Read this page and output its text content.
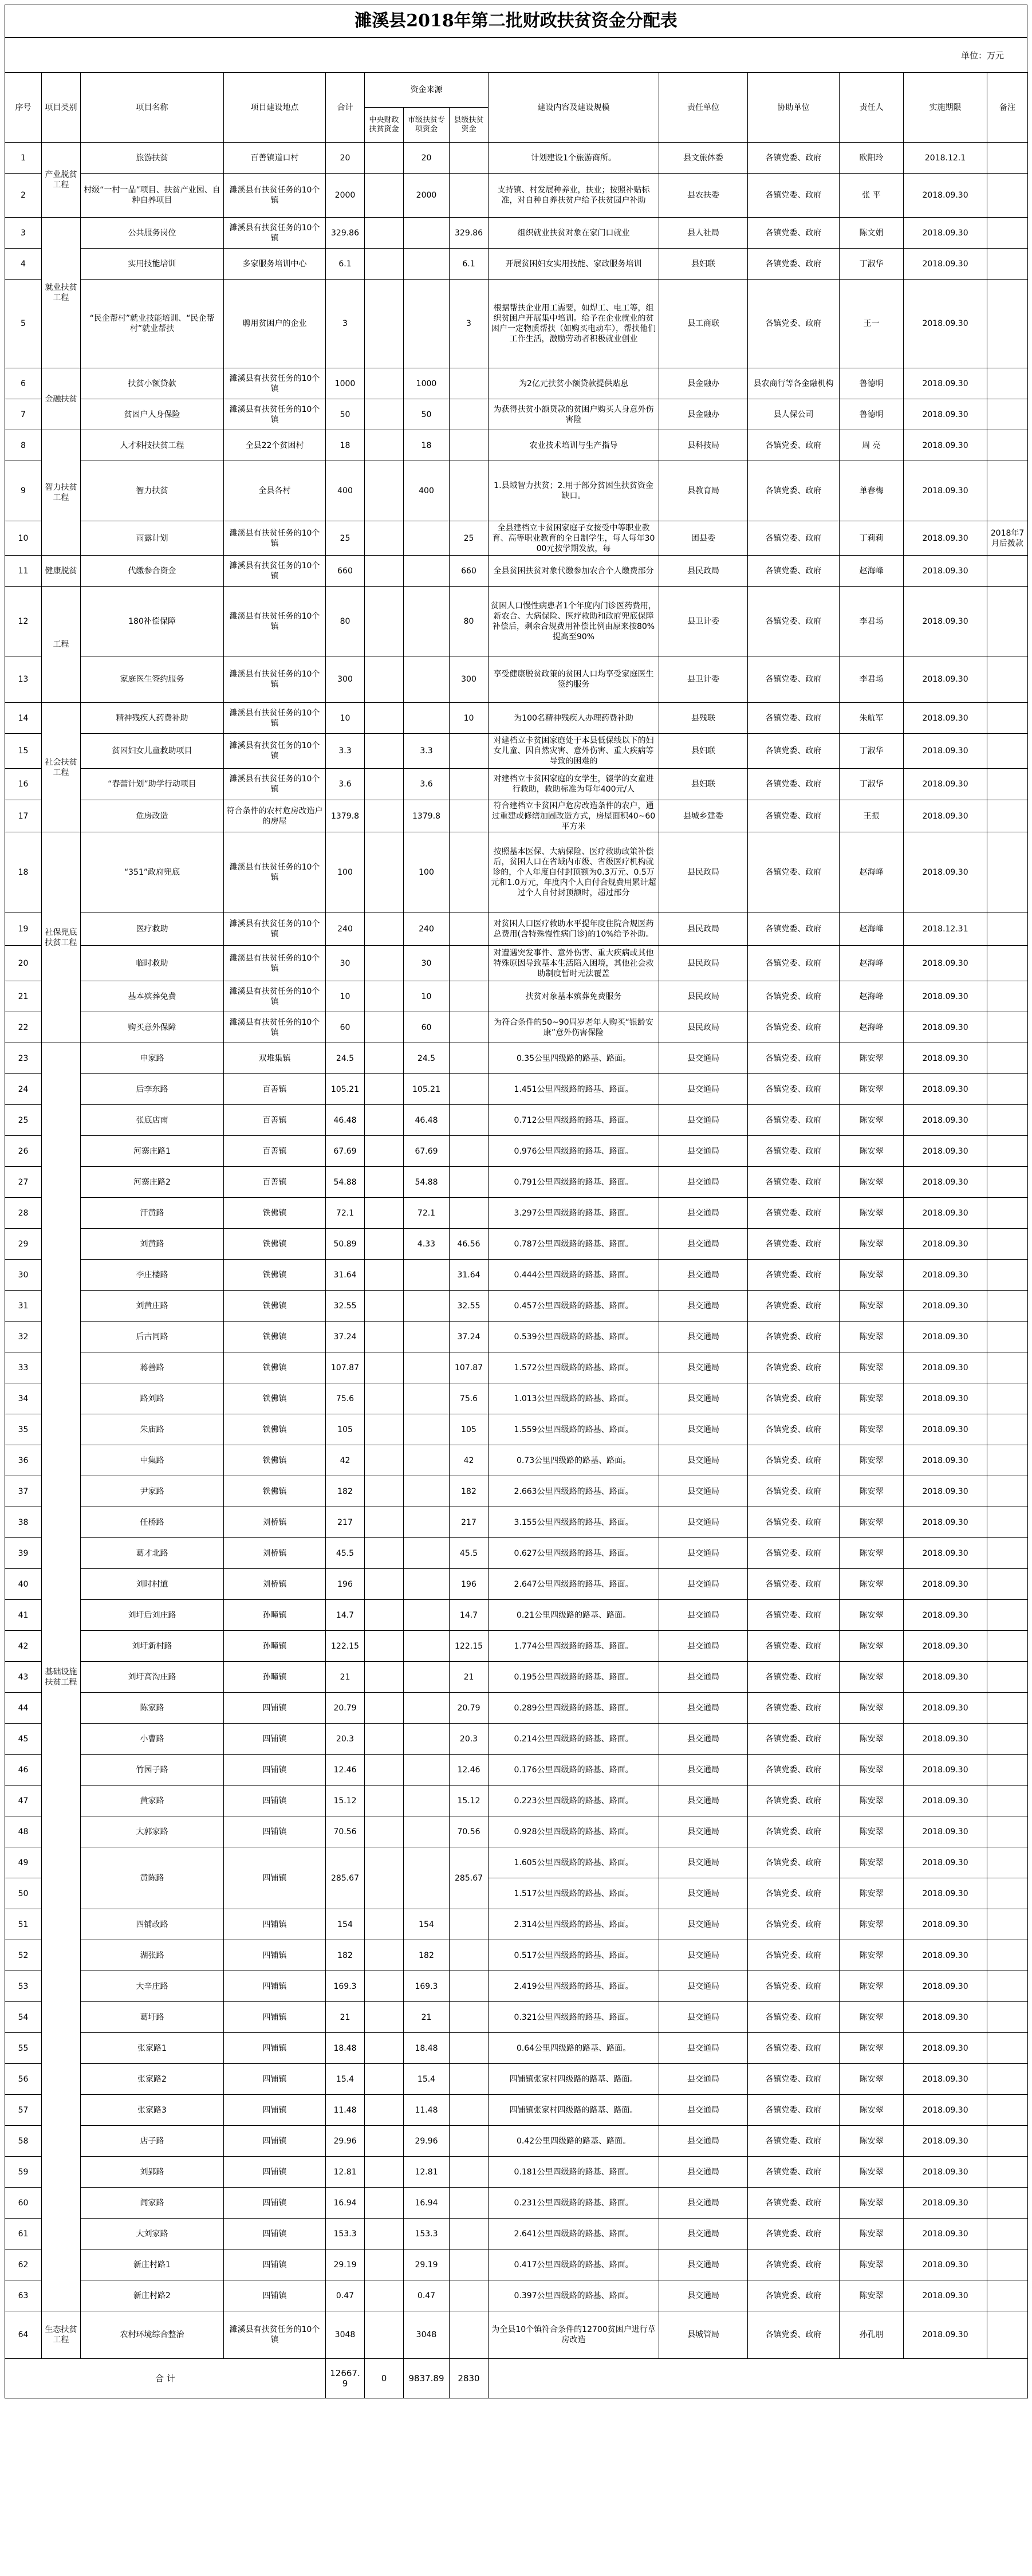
濉溪县2018年第二批财政扶贫资金分配表
单位：万元
序号	项目类别	项目名称	项目建设地点	合计	资金来源			建设内容及建设规模	责任单位	协助单位	责任人	实施期限	备注
					中央财政扶贫资金	市级扶贫专项资金	县级扶贫资金						
1	产业脱贫工程	旅游扶贫	百善镇道口村	20		20		计划建设1个旅游商所。	县文旅体委	各镇党委、政府	欧阳玲	2018.12.1	
2		村级“一村一品”项目、扶贫产业园、自种自养项目	濉溪县有扶贫任务的10个镇	2000		2000		支持镇、村发展种养业，扶业；按照补贴标准，对自种自养扶贫户给予扶贫园户补助	县农扶委	各镇党委、政府	张 平	2018.09.30	
3	就业扶贫工程	公共服务岗位	濉溪县有扶贫任务的10个镇	329.86			329.86	组织就业扶贫对象在家门口就业	县人社局	各镇党委、政府	陈文娟	2018.09.30	
4		实用技能培训	多家服务培训中心	6.1			6.1	开展贫困妇女实用技能、家政服务培训	县妇联	各镇党委、政府	丁淑华	2018.09.30	
5		“民企帮村”就业技能培训、“民企帮村”就业帮扶	聘用贫困户的企业	3			3	根据帮扶企业用工需要，如焊工、电工等，组织贫困户开展集中培训。给予在企业就业的贫困户一定物质帮扶（如购买电动车），帮扶他们工作生活，激励劳动者积极就业创业	县工商联	各镇党委、政府	王一	2018.09.30	
6	金融扶贫	扶贫小额贷款	濉溪县有扶贫任务的10个镇	1000		1000		为2亿元扶贫小额贷款提供贴息	县金融办	县农商行等各金融机构	鲁德明	2018.09.30	
7		贫困户人身保险	濉溪县有扶贫任务的10个镇	50		50		为获得扶贫小额贷款的贫困户购买人身意外伤害险	县金融办	县人保公司	鲁德明	2018.09.30	
8	智力扶贫工程	人才科技扶贫工程	全县22个贫困村	18		18		农业技术培训与生产指导	县科技局	各镇党委、政府	周 亮	2018.09.30	
9		智力扶贫	全县各村	400		400		1.县域智力扶贫；2.用于部分贫困生扶贫资金缺口。	县教育局	各镇党委、政府	单春梅	2018.09.30	
10		雨露计划	濉溪县有扶贫任务的10个镇	25			25	全县建档立卡贫困家庭子女接受中等职业教育、高等职业教育的全日制学生，每人每年3000元按学期发放，每	团县委	各镇党委、政府	丁莉莉	2018.09.30	2018年7月后拨款
11	健康脱贫	代缴参合资金	濉溪县有扶贫任务的10个镇	660			660	全县贫困扶贫对象代缴参加农合个人缴费部分	县民政局	各镇党委、政府	赵海峰	2018.09.30	
12	工程	180补偿保障	濉溪县有扶贫任务的10个镇	80			80	贫困人口慢性病患者1个年度内门诊医药费用，新农合、大病保险、医疗救助和政府兜底保障补偿后，剩余合规费用补偿比例由原来按80%提高至90%	县卫计委	各镇党委、政府	李君场	2018.09.30	
13		家庭医生签约服务	濉溪县有扶贫任务的10个镇	300			300	享受健康脱贫政策的贫困人口均享受家庭医生签约服务	县卫计委	各镇党委、政府	李君场	2018.09.30	
14	社会扶贫工程	精神残疾人药费补助	濉溪县有扶贫任务的10个镇	10			10	为100名精神残疾人办理药费补助	县残联	各镇党委、政府	朱航军	2018.09.30	
15		贫困妇女儿童救助项目	濉溪县有扶贫任务的10个镇	3.3		3.3		对建档立卡贫困家庭处于本县低保线以下的妇女儿童、因自然灾害、意外伤害、重大疾病等导致的困难的	县妇联	各镇党委、政府	丁淑华	2018.09.30	
16		“春蕾计划”助学行动项目	濉溪县有扶贫任务的10个镇	3.6		3.6		对建档立卡贫困家庭的女学生，辍学的女童进行救助，救助标准为每年400元/人	县妇联	各镇党委、政府	丁淑华	2018.09.30	
17		危房改造	符合条件的农村危房改造户的房屋	1379.8		1379.8		符合建档立卡贫困户危房改造条件的农户，通过重建或修缮加固改造方式，房屋面积40~60平方米	县城乡建委	各镇党委、政府	王振	2018.09.30	
18	社保兜底扶贫工程	“351”政府兜底	濉溪县有扶贫任务的10个镇	100		100		按照基本医保、大病保险、医疗救助政策补偿后，贫困人口在省域内市级、省级医疗机构就诊的，个人年度自付封顶额为0.3万元、0.5万元和1.0万元，年度内个人自付合规费用累计超过个人自付封顶额时，超过部分	县民政局	各镇党委、政府	赵海峰	2018.09.30	
19		医疗救助	濉溪县有扶贫任务的10个镇	240		240		对贫困人口医疗救助水平提年度住院合规医药总费用(含特殊慢性病门诊)的10%给予补助。	县民政局	各镇党委、政府	赵海峰	2018.12.31	
20		临时救助	濉溪县有扶贫任务的10个镇	30		30		对遭遇突发事件、意外伤害、重大疾病或其他特殊原因导致基本生活陷入困境，其他社会救助制度暂时无法覆盖	县民政局	各镇党委、政府	赵海峰	2018.09.30	
21		基本殡葬免费	濉溪县有扶贫任务的10个镇	10		10		扶贫对象基本殡葬免费服务	县民政局	各镇党委、政府	赵海峰	2018.09.30	
22		购买意外保障	濉溪县有扶贫任务的10个镇	60		60		为符合条件的50~90周岁老年人购买“银龄安康”意外伤害保险	县民政局	各镇党委、政府	赵海峰	2018.09.30	
23	基础设施扶贫工程	申家路	双堆集镇	24.5		24.5		0.35公里四级路的路基、路面。	县交通局	各镇党委、政府	陈安翠	2018.09.30	
24		后李东路	百善镇	105.21		105.21		1.451公里四级路的路基、路面。	县交通局	各镇党委、政府	陈安翠	2018.09.30	
25		张底店南	百善镇	46.48		46.48		0.712公里四级路的路基、路面。	县交通局	各镇党委、政府	陈安翠	2018.09.30	
26		河寨庄路1	百善镇	67.69		67.69		0.976公里四级路的路基、路面。	县交通局	各镇党委、政府	陈安翠	2018.09.30	
27		河寨庄路2	百善镇	54.88		54.88		0.791公里四级路的路基、路面。	县交通局	各镇党委、政府	陈安翠	2018.09.30	
28		汗黄路	铁佛镇	72.1		72.1		3.297公里四级路的路基、路面。	县交通局	各镇党委、政府	陈安翠	2018.09.30	
29		刘黄路	铁佛镇	50.89		4.33	46.56	0.787公里四级路的路基、路面。	县交通局	各镇党委、政府	陈安翠	2018.09.30	
30		李庄楼路	铁佛镇	31.64			31.64	0.444公里四级路的路基、路面。	县交通局	各镇党委、政府	陈安翠	2018.09.30	
31		刘黄庄路	铁佛镇	32.55			32.55	0.457公里四级路的路基、路面。	县交通局	各镇党委、政府	陈安翠	2018.09.30	
32		后古同路	铁佛镇	37.24			37.24	0.539公里四级路的路基、路面。	县交通局	各镇党委、政府	陈安翠	2018.09.30	
33		蒋善路	铁佛镇	107.87			107.87	1.572公里四级路的路基、路面。	县交通局	各镇党委、政府	陈安翠	2018.09.30	
34		路刘路	铁佛镇	75.6			75.6	1.013公里四级路的路基、路面。	县交通局	各镇党委、政府	陈安翠	2018.09.30	
35		朱庙路	铁佛镇	105			105	1.559公里四级路的路基、路面。	县交通局	各镇党委、政府	陈安翠	2018.09.30	
36		中集路	铁佛镇	42			42	0.73公里四级路的路基、路面。	县交通局	各镇党委、政府	陈安翠	2018.09.30	
37		尹家路	铁佛镇	182			182	2.663公里四级路的路基、路面。	县交通局	各镇党委、政府	陈安翠	2018.09.30	
38		任桥路	刘桥镇	217			217	3.155公里四级路的路基、路面。	县交通局	各镇党委、政府	陈安翠	2018.09.30	
39		葛才北路	刘桥镇	45.5			45.5	0.627公里四级路的路基、路面。	县交通局	各镇党委、政府	陈安翠	2018.09.30	
40		刘时村道	刘桥镇	196			196	2.647公里四级路的路基、路面。	县交通局	各镇党委、政府	陈安翠	2018.09.30	
41		刘圩后刘庄路	孙疃镇	14.7			14.7	0.21公里四级路的路基、路面。	县交通局	各镇党委、政府	陈安翠	2018.09.30	
42		刘圩新村路	孙疃镇	122.15			122.15	1.774公里四级路的路基、路面。	县交通局	各镇党委、政府	陈安翠	2018.09.30	
43		刘圩高沟庄路	孙疃镇	21			21	0.195公里四级路的路基、路面。	县交通局	各镇党委、政府	陈安翠	2018.09.30	
44		陈家路	四铺镇	20.79			20.79	0.289公里四级路的路基、路面。	县交通局	各镇党委、政府	陈安翠	2018.09.30	
45		小曹路	四铺镇	20.3			20.3	0.214公里四级路的路基、路面。	县交通局	各镇党委、政府	陈安翠	2018.09.30	
46		竹园子路	四铺镇	12.46			12.46	0.176公里四级路的路基、路面。	县交通局	各镇党委、政府	陈安翠	2018.09.30	
47		黄家路	四铺镇	15.12			15.12	0.223公里四级路的路基、路面。	县交通局	各镇党委、政府	陈安翠	2018.09.30	
48		大郭家路	四铺镇	70.56			70.56	0.928公里四级路的路基、路面。	县交通局	各镇党委、政府	陈安翠	2018.09.30	
49		黄陈路	四铺镇	285.67			285.67	1.605公里四级路的路基、路面。	县交通局	各镇党委、政府	陈安翠	2018.09.30	
50								1.517公里四级路的路基、路面。	县交通局	各镇党委、政府	陈安翠	2018.09.30	
51		四铺改路	四铺镇	154		154		2.314公里四级路的路基、路面。	县交通局	各镇党委、政府	陈安翠	2018.09.30	
52		湖张路	四铺镇	182		182		0.517公里四级路的路基、路面。	县交通局	各镇党委、政府	陈安翠	2018.09.30	
53		大辛庄路	四铺镇	169.3		169.3		2.419公里四级路的路基、路面。	县交通局	各镇党委、政府	陈安翠	2018.09.30	
54		葛圩路	四铺镇	21		21		0.321公里四级路的路基、路面。	县交通局	各镇党委、政府	陈安翠	2018.09.30	
55		张家路1	四铺镇	18.48		18.48		0.64公里四级路的路基、路面。	县交通局	各镇党委、政府	陈安翠	2018.09.30	
56		张家路2	四铺镇	15.4		15.4		四铺镇张家村四级路的路基、路面。	县交通局	各镇党委、政府	陈安翠	2018.09.30	
57		张家路3	四铺镇	11.48		11.48		四铺镇张家村四级路的路基、路面。	县交通局	各镇党委、政府	陈安翠	2018.09.30	
58		店子路	四铺镇	29.96		29.96		0.42公里四级路的路基、路面。	县交通局	各镇党委、政府	陈安翠	2018.09.30	
59		刘郢路	四铺镇	12.81		12.81		0.181公里四级路的路基、路面。	县交通局	各镇党委、政府	陈安翠	2018.09.30	
60		闻家路	四铺镇	16.94		16.94		0.231公里四级路的路基、路面。	县交通局	各镇党委、政府	陈安翠	2018.09.30	
61		大刘家路	四铺镇	153.3		153.3		2.641公里四级路的路基、路面。	县交通局	各镇党委、政府	陈安翠	2018.09.30	
62		新庄村路1	四铺镇	29.19		29.19		0.417公里四级路的路基、路面。	县交通局	各镇党委、政府	陈安翠	2018.09.30	
63		新庄村路2	四铺镇	0.47		0.47		0.397公里四级路的路基、路面。	县交通局	各镇党委、政府	陈安翠	2018.09.30	
64	生态扶贫工程	农村环境综合整治	濉溪县有扶贫任务的10个镇	3048		3048		为全县10个镇符合条件的12700贫困户进行草房改造	县城管局	各镇党委、政府	孙孔朋	2018.09.30	
合 计				12667.9	0	9837.89	2830						
